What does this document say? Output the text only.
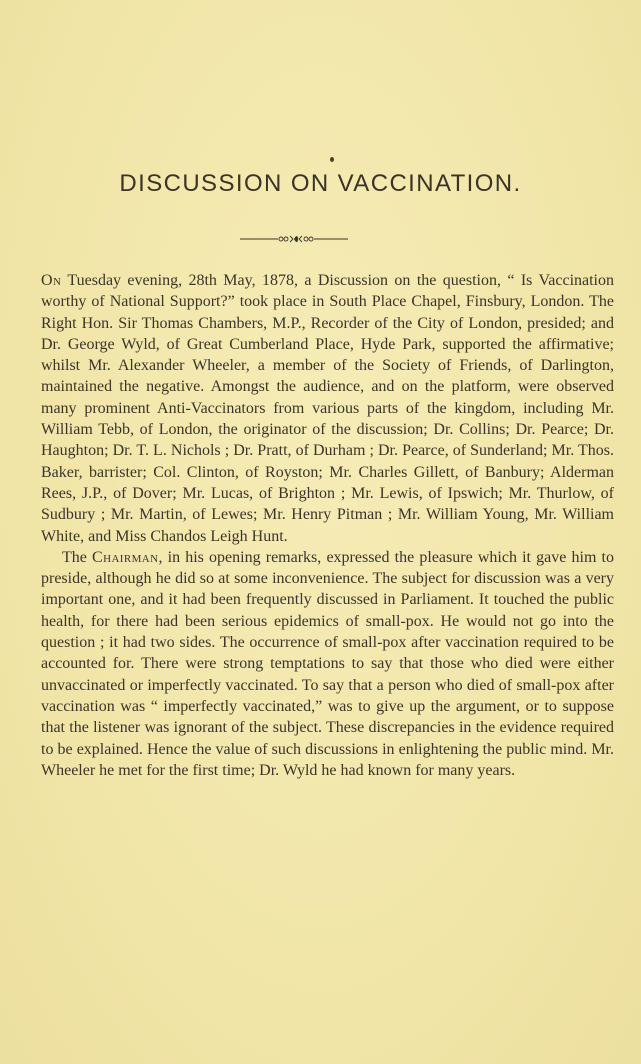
DISCUSSION ON VACCINATION.

On Tuesday evening, 28th May, 1878, a Discussion on the question, “ Is Vaccination worthy of National Support?” took place in South Place Chapel, Finsbury, London. The Right Hon. Sir Thomas Chambers, M.P., Recorder of the City of London, presided; and Dr. George Wyld, of Great Cumberland Place, Hyde Park, supported the affirmative; whilst Mr. Alexander Wheeler, a member of the Society of Friends, of Darlington, maintained the negative. Amongst the audience, and on the platform, were observed many prominent Anti-Vaccinators from various parts of the kingdom, including Mr. William Tebb, of London, the originator of the discussion; Dr. Collins; Dr. Pearce; Dr. Haughton; Dr. T. L. Nichols ; Dr. Pratt, of Durham ; Dr. Pearce, of Sunderland; Mr. Thos. Baker, barrister; Col. Clinton, of Royston; Mr. Charles Gillett, of Banbury; Alderman Rees, J.P., of Dover; Mr. Lucas, of Brighton ; Mr. Lewis, of Ipswich; Mr. Thurlow, of Sudbury ; Mr. Martin, of Lewes; Mr. Henry Pitman ; Mr. William Young, Mr. William White, and Miss Chandos Leigh Hunt.

The Chairman, in his opening remarks, expressed the pleasure which it gave him to preside, although he did so at some inconvenience. The subject for discussion was a very important one, and it had been frequently discussed in Parliament. It touched the public health, for there had been serious epidemics of small-pox. He would not go into the question ; it had two sides. The occurrence of small-pox after vaccination required to be accounted for. There were strong temptations to say that those who died were either unvaccinated or imperfectly vaccinated. To say that a person who died of small-pox after vaccination was “ imperfectly vaccinated,” was to give up the argument, or to suppose that the listener was ignorant of the subject. These discrepancies in the evidence required to be explained. Hence the value of such discussions in enlightening the public mind. Mr. Wheeler he met for the first time; Dr. Wyld he had known for many years.
